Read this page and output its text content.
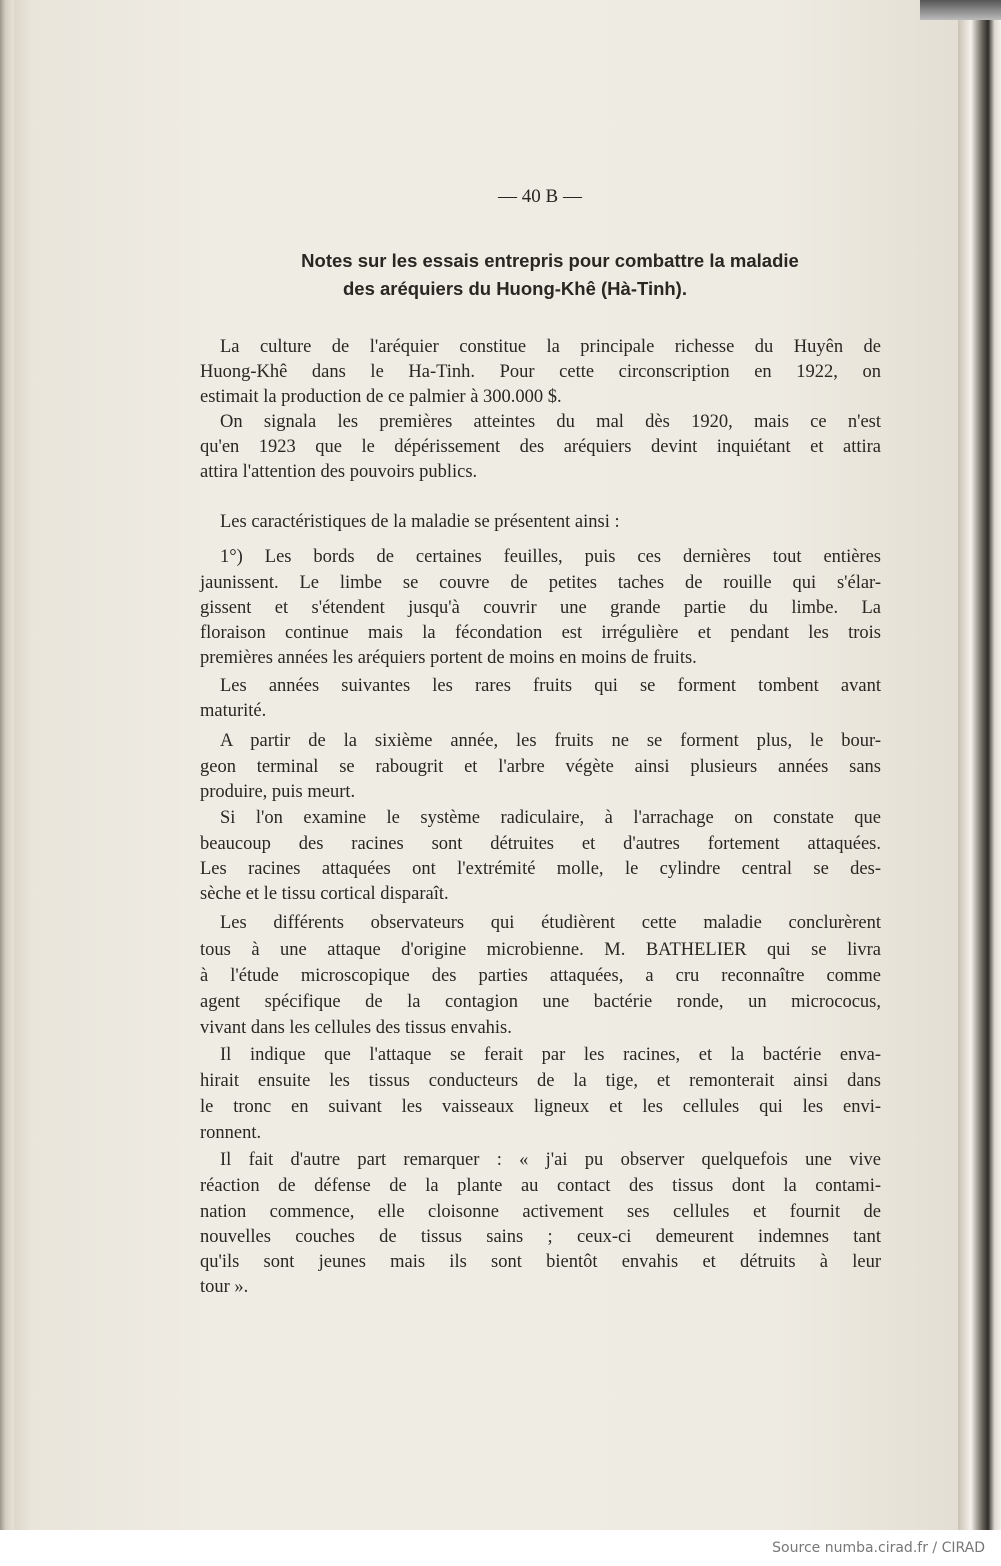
— 40 B —
Notes sur les essais entrepris pour combattre la maladie
des aréquiers du Huong-Khê (Hà-Tinh).
La culture de l'aréquier constitue la principale richesse du Huyên de
Huong-Khê dans le Ha-Tinh. Pour cette circonscription en 1922, on
estimait la production de ce palmier à 300.000 $.
On signala les premières atteintes du mal dès 1920, mais ce n'est
qu'en 1923 que le dépérissement des aréquiers devint inquiétant et attira
attira l'attention des pouvoirs publics.
Les caractéristiques de la maladie se présentent ainsi :
1°) Les bords de certaines feuilles, puis ces dernières tout entières
jaunissent. Le limbe se couvre de petites taches de rouille qui s'élar-
gissent et s'étendent jusqu'à couvrir une grande partie du limbe. La
floraison continue mais la fécondation est irrégulière et pendant les trois
premières années les aréquiers portent de moins en moins de fruits.
Les années suivantes les rares fruits qui se forment tombent avant
maturité.
A partir de la sixième année, les fruits ne se forment plus, le bour-
geon terminal se rabougrit et l'arbre végète ainsi plusieurs années sans
produire, puis meurt.
Si l'on examine le système radiculaire, à l'arrachage on constate que
beaucoup des racines sont détruites et d'autres fortement attaquées.
Les racines attaquées ont l'extrémité molle, le cylindre central se des-
sèche et le tissu cortical disparaît.
Les différents observateurs qui étudièrent cette maladie conclurèrent
tous à une attaque d'origine microbienne. M. BATHELIER qui se livra
à l'étude microscopique des parties attaquées, a cru reconnaître comme
agent spécifique de la contagion une bactérie ronde, un micrococus,
vivant dans les cellules des tissus envahis.
Il indique que l'attaque se ferait par les racines, et la bactérie enva-
hirait ensuite les tissus conducteurs de la tige, et remonterait ainsi dans
le tronc en suivant les vaisseaux ligneux et les cellules qui les envi-
ronnent.
Il fait d'autre part remarquer : « j'ai pu observer quelquefois une vive
réaction de défense de la plante au contact des tissus dont la contami-
nation commence, elle cloisonne activement ses cellules et fournit de
nouvelles couches de tissus sains ; ceux-ci demeurent indemnes tant
qu'ils sont jeunes mais ils sont bientôt envahis et détruits à leur
tour ».
Source numba.cirad.fr / CIRAD
